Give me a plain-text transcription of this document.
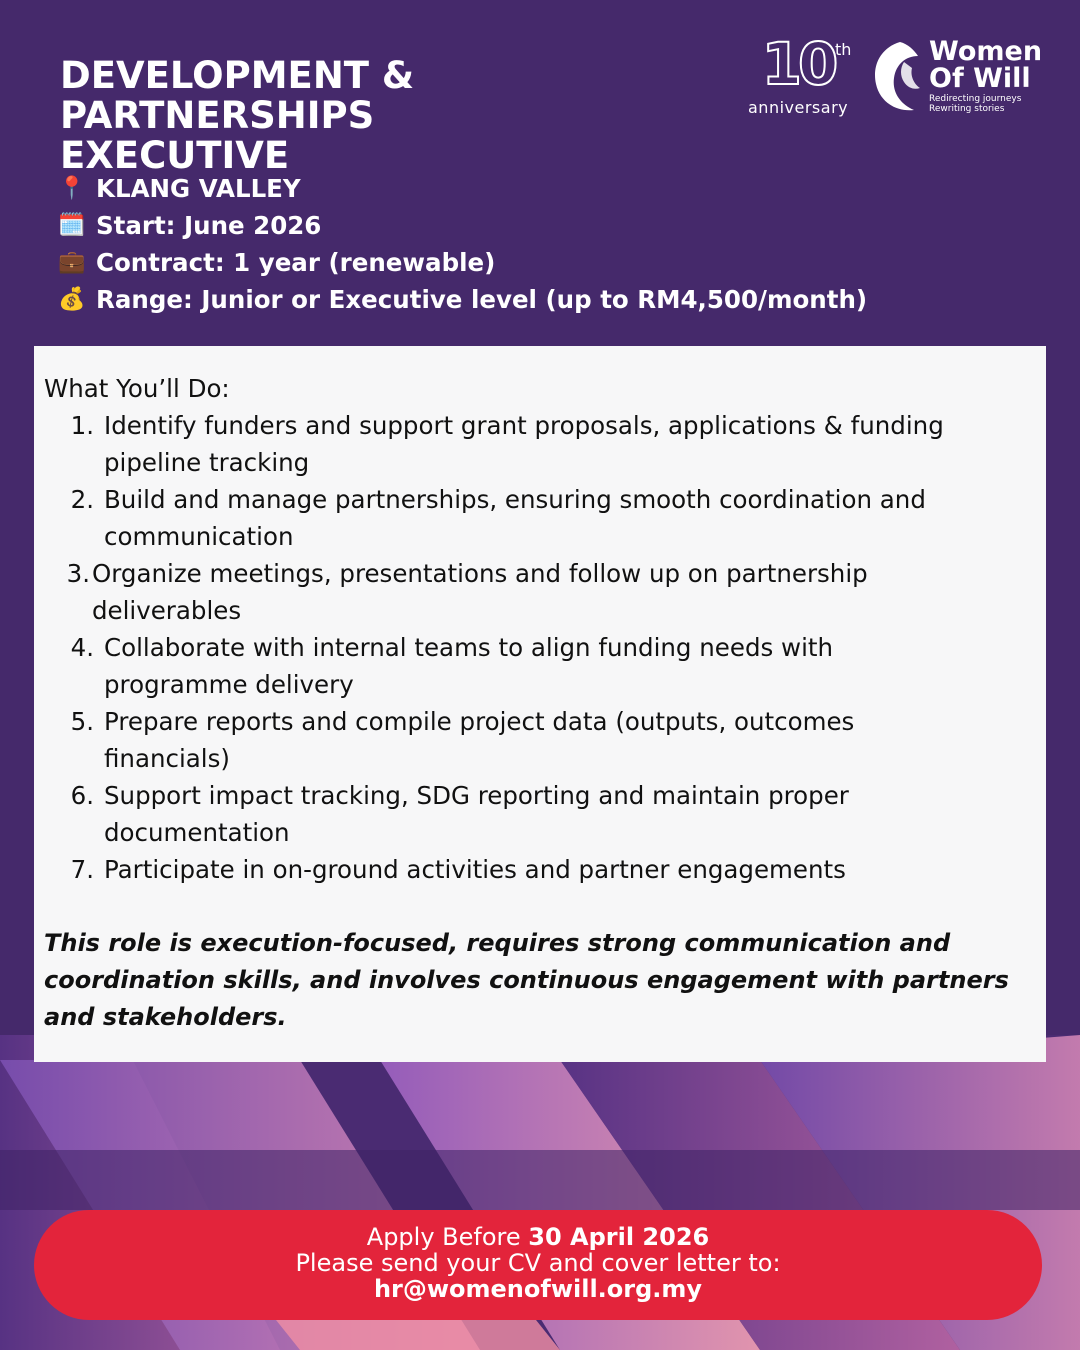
DEVELOPMENT & PARTNERSHIPS
EXECUTIVE
10 th
anniversary
Women
Of Will
Redirecting journeys
Rewriting stories
📍 KLANG VALLEY
🗓️ Start: June 2026
💼 Contract: 1 year (renewable)
💰 Range: Junior or Executive level (up to RM4,500/month)
What You’ll Do:
1. Identify funders and support grant proposals, applications & funding
pipeline tracking
2. Build and manage partnerships, ensuring smooth coordination and
communication
3. Organize meetings, presentations and follow up on partnership
deliverables
4. Collaborate with internal teams to align funding needs with
programme delivery
5. Prepare reports and compile project data (outputs, outcomes
financials)
6. Support impact tracking, SDG reporting and maintain proper
documentation
7. Participate in on-ground activities and partner engagements

This role is execution-focused, requires strong communication and coordination skills, and involves continuous engagement with partners and stakeholders.

Apply Before 30 April 2026
Please send your CV and cover letter to:
hr@womenofwill.org.my
